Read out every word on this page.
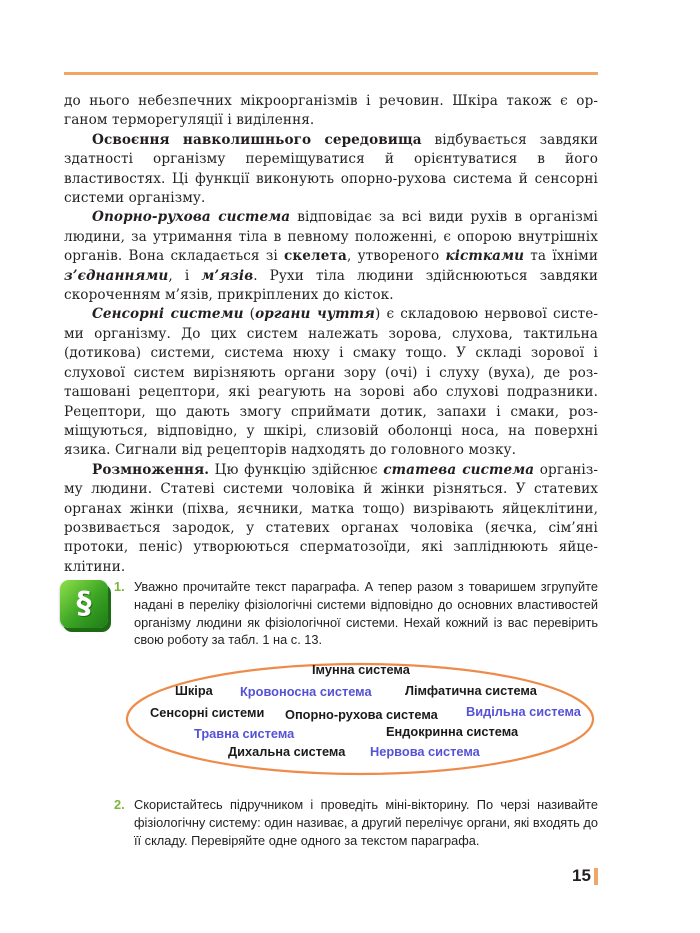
до нього небезпечних мікроорганізмів і речовин. Шкіра також є органом терморегуляції і виділення.

Освоєння навколишнього середовища відбувається завдяки здатності організму переміщуватися й орієнтуватися в його властивостях. Ці функції виконують опорно-рухова система й сенсорні системи організму.

Опорно-рухова система відповідає за всі види рухів в організмі людини, за утримання тіла в певному положенні, є опорою внутрішніх органів. Вона складається зі скелета, утвореного кістками та їхніми з’єднаннями, і м’язів. Рухи тіла людини здійснюються завдяки скороченням м’язів, прикріплених до кісток.

Сенсорні системи (органи чуття) є складовою нервової системи організму. До цих систем належать зорова, слухова, тактильна (дотикова) системи, система нюху і смаку тощо. У складі зорової і слухової систем вирізняють органи зору (очі) і слуху (вуха), де розташовані рецептори, які реагують на зорові або слухові подразники. Рецептори, що дають змогу сприймати дотик, запахи і смаки, розміщуються, відповідно, у шкірі, слизовій оболонці носа, на поверхні язика. Сигнали від рецепторів надходять до головного мозку.

Розмноження. Цю функцію здійснює статева система організму людини. Статеві системи чоловіка й жінки різняться. У статевих органах жінки (піхва, яєчники, матка тощо) визрівають яйцеклітини, розвивається зародок, у статевих органах чоловіка (яєчка, сім’яні протоки, пеніс) утворюються сперматозоїди, які запліднюють яйцеклітини.

§	1. Уважно прочитайте текст параграфа. А тепер разом з товаришем згрупуйте надані в переліку фізіологічні системи відповідно до основних властивостей організму людини як фізіологічної системи. Нехай кожний із вас перевірить свою роботу за табл. 1 на с. 13.
Імунна система
Шкіра Кровоносна система	Лімфатична система
Сенсорні системи Опорно-рухова система Видільна система
Травна система	Ендокринна система
Дихальна система Нервова система
2. Скористайтесь підручником і проведіть міні-вікторину. По черзі називайте фізіологічну систему: один називає, а другий перелічує органи, які входять до її складу. Перевіряйте одне одного за текстом параграфа.
15
